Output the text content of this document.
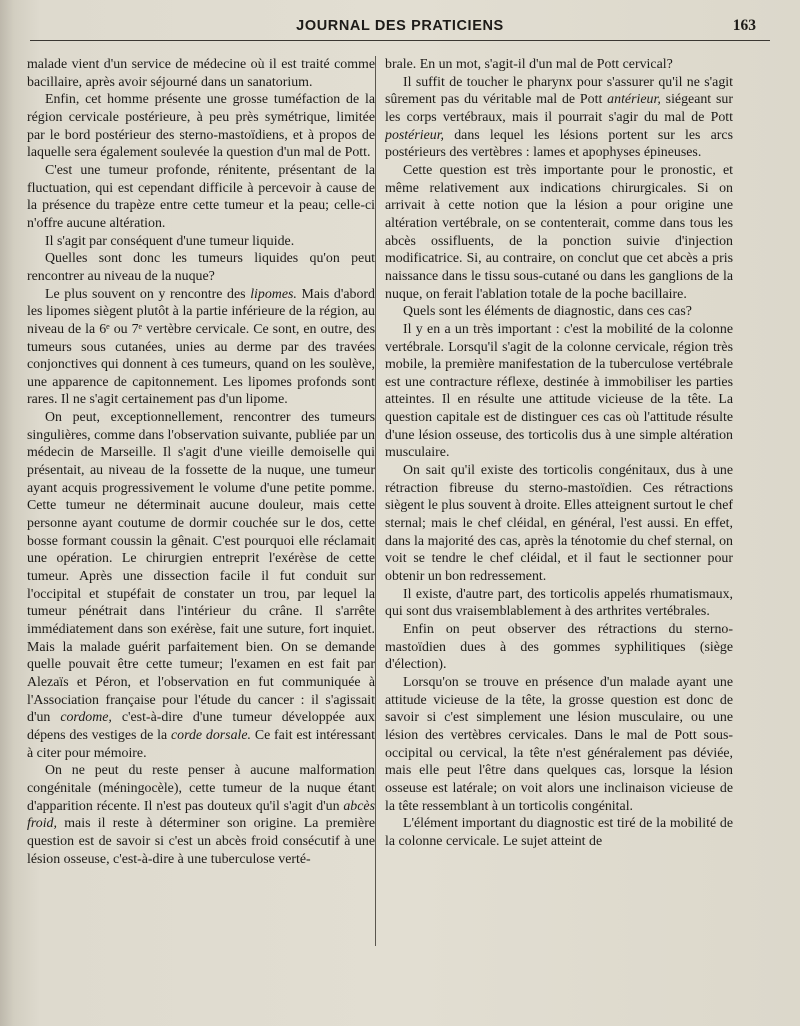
JOURNAL DES PRATICIENS	163

malade vient d'un service de médecine où il est traité comme bacillaire, après avoir séjourné dans un sanatorium.

Enfin, cet homme présente une grosse tuméfaction de la région cervicale postérieure, à peu près symétrique, limitée par le bord postérieur des sterno-mastoïdiens, et à propos de laquelle sera également soulevée la question d'un mal de Pott.

C'est une tumeur profonde, rénitente, présentant de la fluctuation, qui est cependant difficile à percevoir à cause de la présence du trapèze entre cette tumeur et la peau; celle-ci n'offre aucune altération.

Il s'agit par conséquent d'une tumeur liquide.

Quelles sont donc les tumeurs liquides qu'on peut rencontrer au niveau de la nuque?

Le plus souvent on y rencontre des lipomes. Mais d'abord les lipomes siègent plutôt à la partie inférieure de la région, au niveau de la 6ᵉ ou 7ᵉ vertèbre cervicale. Ce sont, en outre, des tumeurs sous cutanées, unies au derme par des travées conjonctives qui donnent à ces tumeurs, quand on les soulève, une apparence de capitonnement. Les lipomes profonds sont rares. Il ne s'agit certainement pas d'un lipome.

On peut, exceptionnellement, rencontrer des tumeurs singulières, comme dans l'observation suivante, publiée par un médecin de Marseille. Il s'agit d'une vieille demoiselle qui présentait, au niveau de la fossette de la nuque, une tumeur ayant acquis progressivement le volume d'une petite pomme. Cette tumeur ne déterminait aucune douleur, mais cette personne ayant coutume de dormir couchée sur le dos, cette bosse formant coussin la gênait. C'est pourquoi elle réclamait une opération. Le chirurgien entreprit l'exérèse de cette tumeur. Après une dissection facile il fut conduit sur l'occipital et stupéfait de constater un trou, par lequel la tumeur pénétrait dans l'intérieur du crâne. Il s'arrête immédiatement dans son exérèse, fait une suture, fort inquiet. Mais la malade guérit parfaitement bien. On se demande quelle pouvait être cette tumeur; l'examen en est fait par Alezaïs et Péron, et l'observation en fut communiquée à l'Association française pour l'étude du cancer : il s'agissait d'un cordome, c'est-à-dire d'une tumeur développée aux dépens des vestiges de la corde dorsale. Ce fait est intéressant à citer pour mémoire.

On ne peut du reste penser à aucune malformation congénitale (méningocèle), cette tumeur de la nuque étant d'apparition récente. Il n'est pas douteux qu'il s'agit d'un abcès froid, mais il reste à déterminer son origine. La première question est de savoir si c'est un abcès froid consécutif à une lésion osseuse, c'est-à-dire à une tuberculose verté-

brale. En un mot, s'agit-il d'un mal de Pott cervical?

Il suffit de toucher le pharynx pour s'assurer qu'il ne s'agit sûrement pas du véritable mal de Pott antérieur, siégeant sur les corps vertébraux, mais il pourrait s'agir du mal de Pott postérieur, dans lequel les lésions portent sur les arcs postérieurs des vertèbres : lames et apophyses épineuses.

Cette question est très importante pour le pronostic, et même relativement aux indications chirurgicales. Si on arrivait à cette notion que la lésion a pour origine une altération vertébrale, on se contenterait, comme dans tous les abcès ossifluents, de la ponction suivie d'injection modificatrice. Si, au contraire, on conclut que cet abcès a pris naissance dans le tissu sous-cutané ou dans les ganglions de la nuque, on ferait l'ablation totale de la poche bacillaire.

Quels sont les éléments de diagnostic, dans ces cas?

Il y en a un très important : c'est la mobilité de la colonne vertébrale. Lorsqu'il s'agit de la colonne cervicale, région très mobile, la première manifestation de la tuberculose vertébrale est une contracture réflexe, destinée à immobiliser les parties atteintes. Il en résulte une attitude vicieuse de la tête. La question capitale est de distinguer ces cas où l'attitude résulte d'une lésion osseuse, des torticolis dus à une simple altération musculaire.

On sait qu'il existe des torticolis congénitaux, dus à une rétraction fibreuse du sterno-mastoïdien. Ces rétractions siègent le plus souvent à droite. Elles atteignent surtout le chef sternal; mais le chef cléidal, en général, l'est aussi. En effet, dans la majorité des cas, après la ténotomie du chef sternal, on voit se tendre le chef cléidal, et il faut le sectionner pour obtenir un bon redressement.

Il existe, d'autre part, des torticolis appelés rhumatismaux, qui sont dus vraisemblablement à des arthrites vertébrales.

Enfin on peut observer des rétractions du sterno-mastoïdien dues à des gommes syphilitiques (siège d'élection).

Lorsqu'on se trouve en présence d'un malade ayant une attitude vicieuse de la tête, la grosse question est donc de savoir si c'est simplement une lésion musculaire, ou une lésion des vertèbres cervicales. Dans le mal de Pott sous-occipital ou cervical, la tête n'est généralement pas déviée, mais elle peut l'être dans quelques cas, lorsque la lésion osseuse est latérale; on voit alors une inclinaison vicieuse de la tête ressemblant à un torticolis congénital.

L'élément important du diagnostic est tiré de la mobilité de la colonne cervicale. Le sujet atteint de
